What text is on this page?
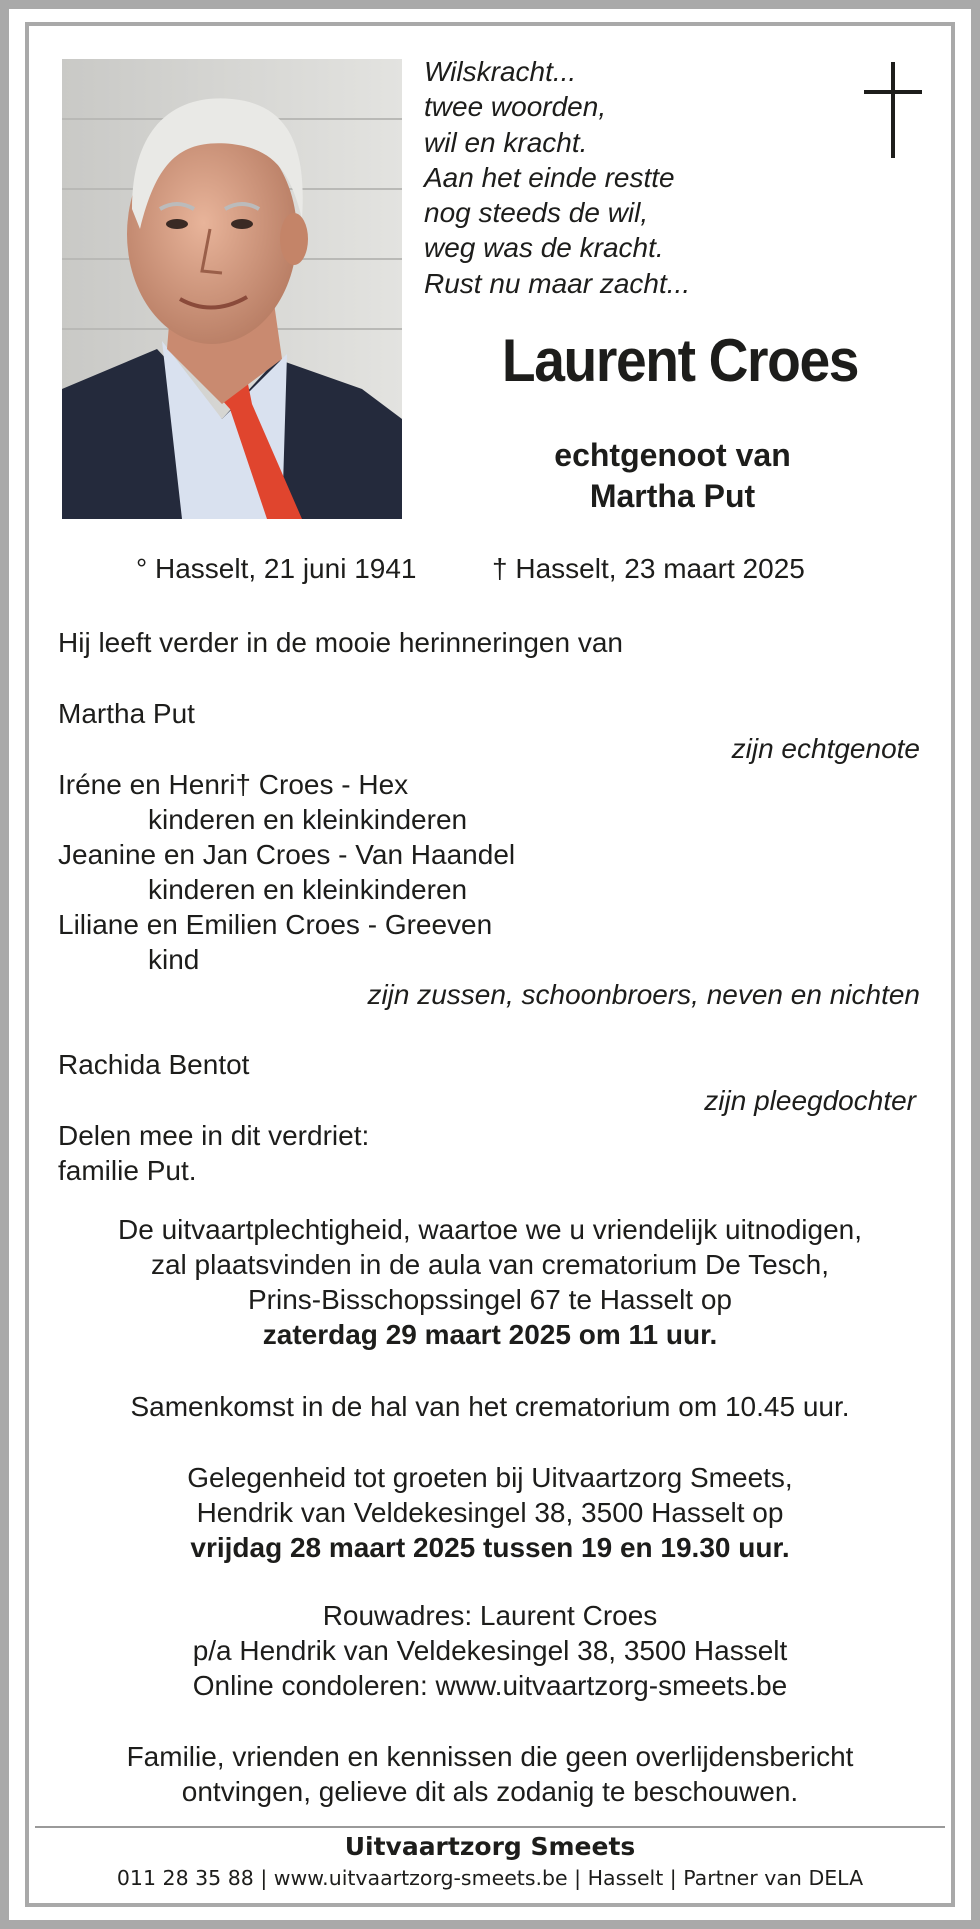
Wilskracht...
twee woorden,
wil en kracht.
Aan het einde restte
nog steeds de wil,
weg was de kracht.
Rust nu maar zacht...
Laurent Croes
echtgenoot van
Martha Put
° Hasselt, 21 juni 1941	† Hasselt, 23 maart 2025
Hij leeft verder in de mooie herinneringen van
Martha Put
zijn echtgenote
Iréne en Henri† Croes - Hex
kinderen en kleinkinderen
Jeanine en Jan Croes - Van Haandel
kinderen en kleinkinderen
Liliane en Emilien Croes - Greeven
kind
zijn zussen, schoonbroers, neven en nichten
Rachida Bentot
zijn pleegdochter
Delen mee in dit verdriet:
familie Put.
De uitvaartplechtigheid, waartoe we u vriendelijk uitnodigen,
zal plaatsvinden in de aula van crematorium De Tesch,
Prins-Bisschopssingel 67 te Hasselt op
zaterdag 29 maart 2025 om 11 uur.
Samenkomst in de hal van het crematorium om 10.45 uur.
Gelegenheid tot groeten bij Uitvaartzorg Smeets,
Hendrik van Veldekesingel 38, 3500 Hasselt op
vrijdag 28 maart 2025 tussen 19 en 19.30 uur.
Rouwadres: Laurent Croes
p/a Hendrik van Veldekesingel 38, 3500 Hasselt
Online condoleren: www.uitvaartzorg-smeets.be
Familie, vrienden en kennissen die geen overlijdensbericht
ontvingen, gelieve dit als zodanig te beschouwen.
Uitvaartzorg Smeets
011 28 35 88 | www.uitvaartzorg-smeets.be | Hasselt | Partner van DELA
